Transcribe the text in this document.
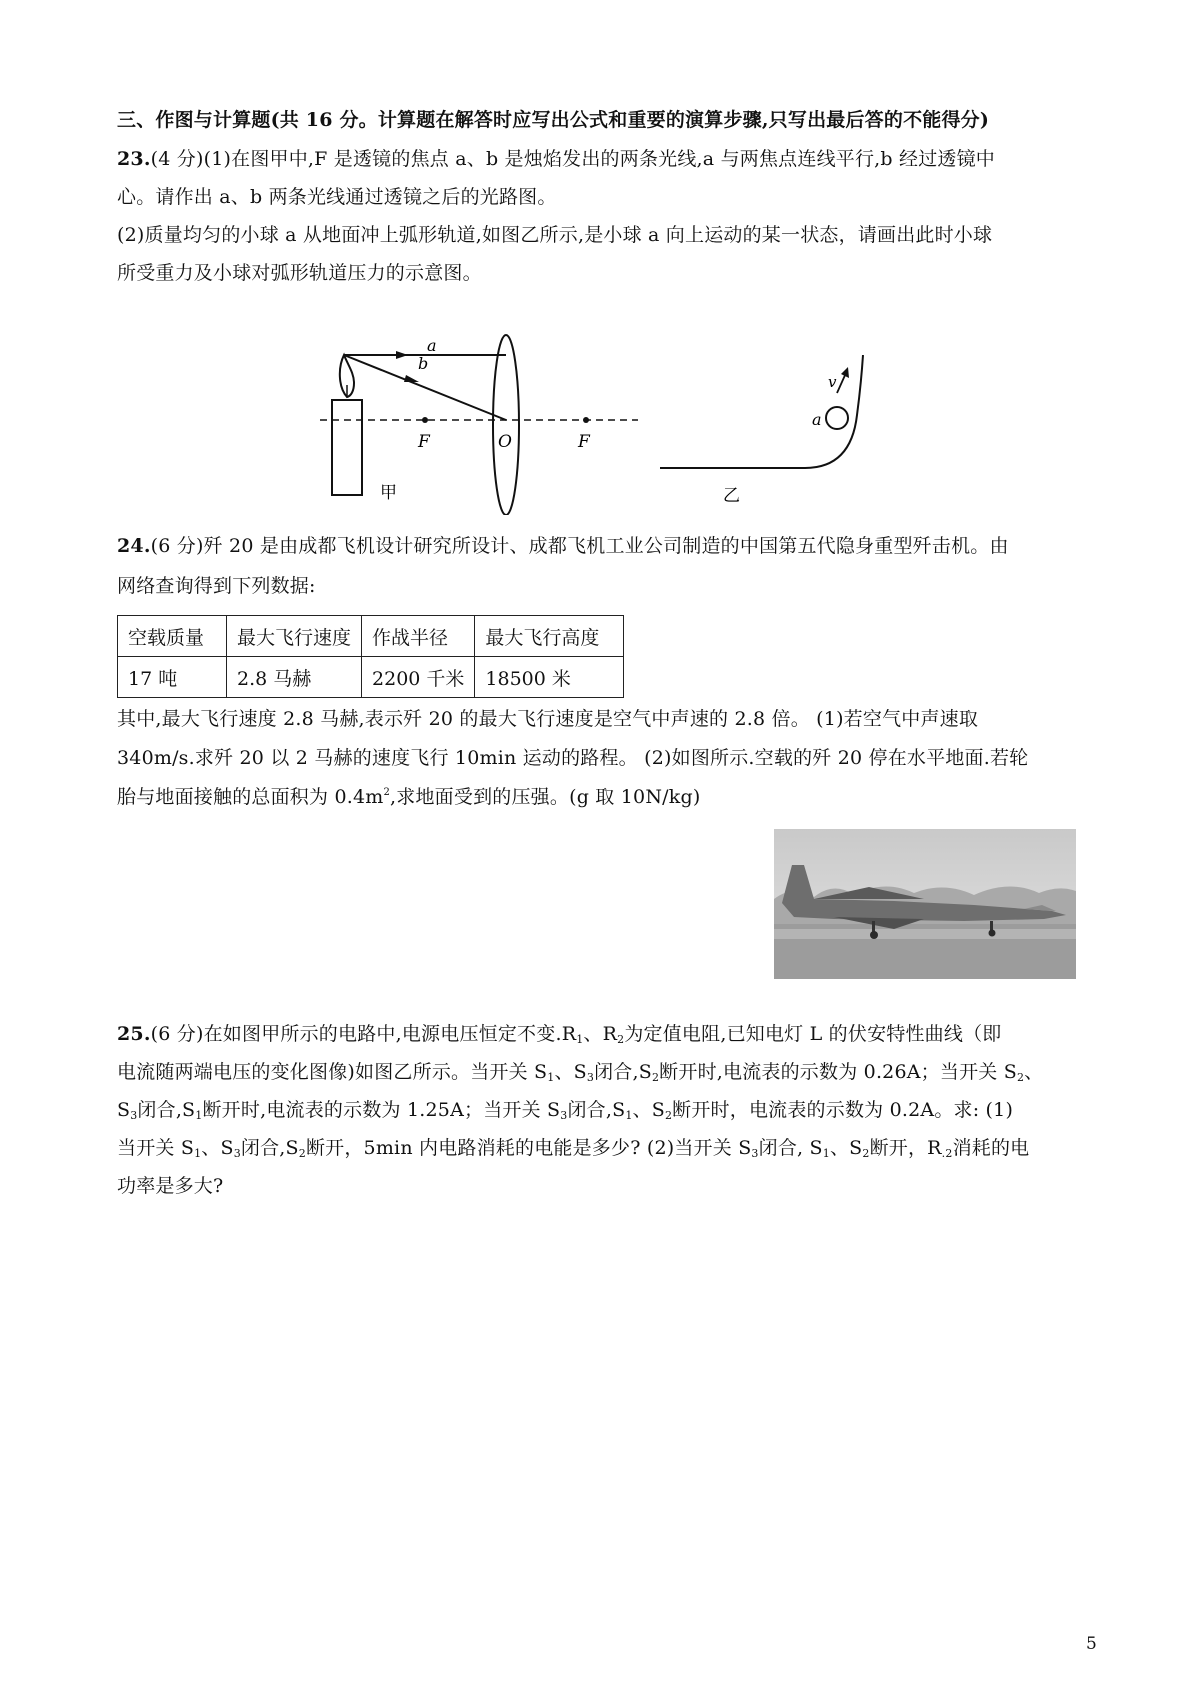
三、作图与计算题(共 16 分。计算题在解答时应写出公式和重要的演算步骤,只写出最后答的不能得分)
23.(4 分)(1)在图甲中,F 是透镜的焦点 a、b 是烛焰发出的两条光线,a 与两焦点连线平行,b 经过透镜中
心。请作出 a、b 两条光线通过透镜之后的光路图。
(2)质量均匀的小球 a 从地面冲上弧形轨道,如图乙所示,是小球 a 向上运动的某一状态，请画出此时小球
所受重力及小球对弧形轨道压力的示意图。
a
b
F	O	F
甲
v
a
乙
24.(6 分)歼 20 是由成都飞机设计研究所设计、成都飞机工业公司制造的中国第五代隐身重型歼击机。由
网络查询得到下列数据:
空载质量	最大飞行速度	作战半径	最大飞行高度
17 吨	2.8 马赫	2200 千米	18500 米
其中,最大飞行速度 2.8 马赫,表示歼 20 的最大飞行速度是空气中声速的 2.8 倍。 (1)若空气中声速取
340m/s.求歼 20 以 2 马赫的速度飞行 10min 运动的路程。 (2)如图所示.空载的歼 20 停在水平地面.若轮
胎与地面接触的总面积为 $0.4m^2$,求地面受到的压强。(g 取 10N/kg)
25.(6 分)在如图甲所示的电路中,电源电压恒定不变$.R_1$、$R_2$为定值电阻,已知电灯 L 的伏安特性曲线（即
电流随两端电压的变化图像)如图乙所示。当开关 $S_1$、$S_3$闭合$,S_2$断开时,电流表的示数为 0.26A；当开关 $S_2$、
$S_3$闭合$,S_1$断开时,电流表的示数为 1.25A；当开关 $S_3$闭合$,S_1$、$S_2$断开时，电流表的示数为 0.2A。求: (1)
当开关 $S_1$、$S_3$闭合$,S_2$断开，5min 内电路消耗的电能是多少? (2)当开关 $S_3$闭合, $S_1$、$S_2$断开，$R_{.2}$消耗的电
功率是多大?
5
